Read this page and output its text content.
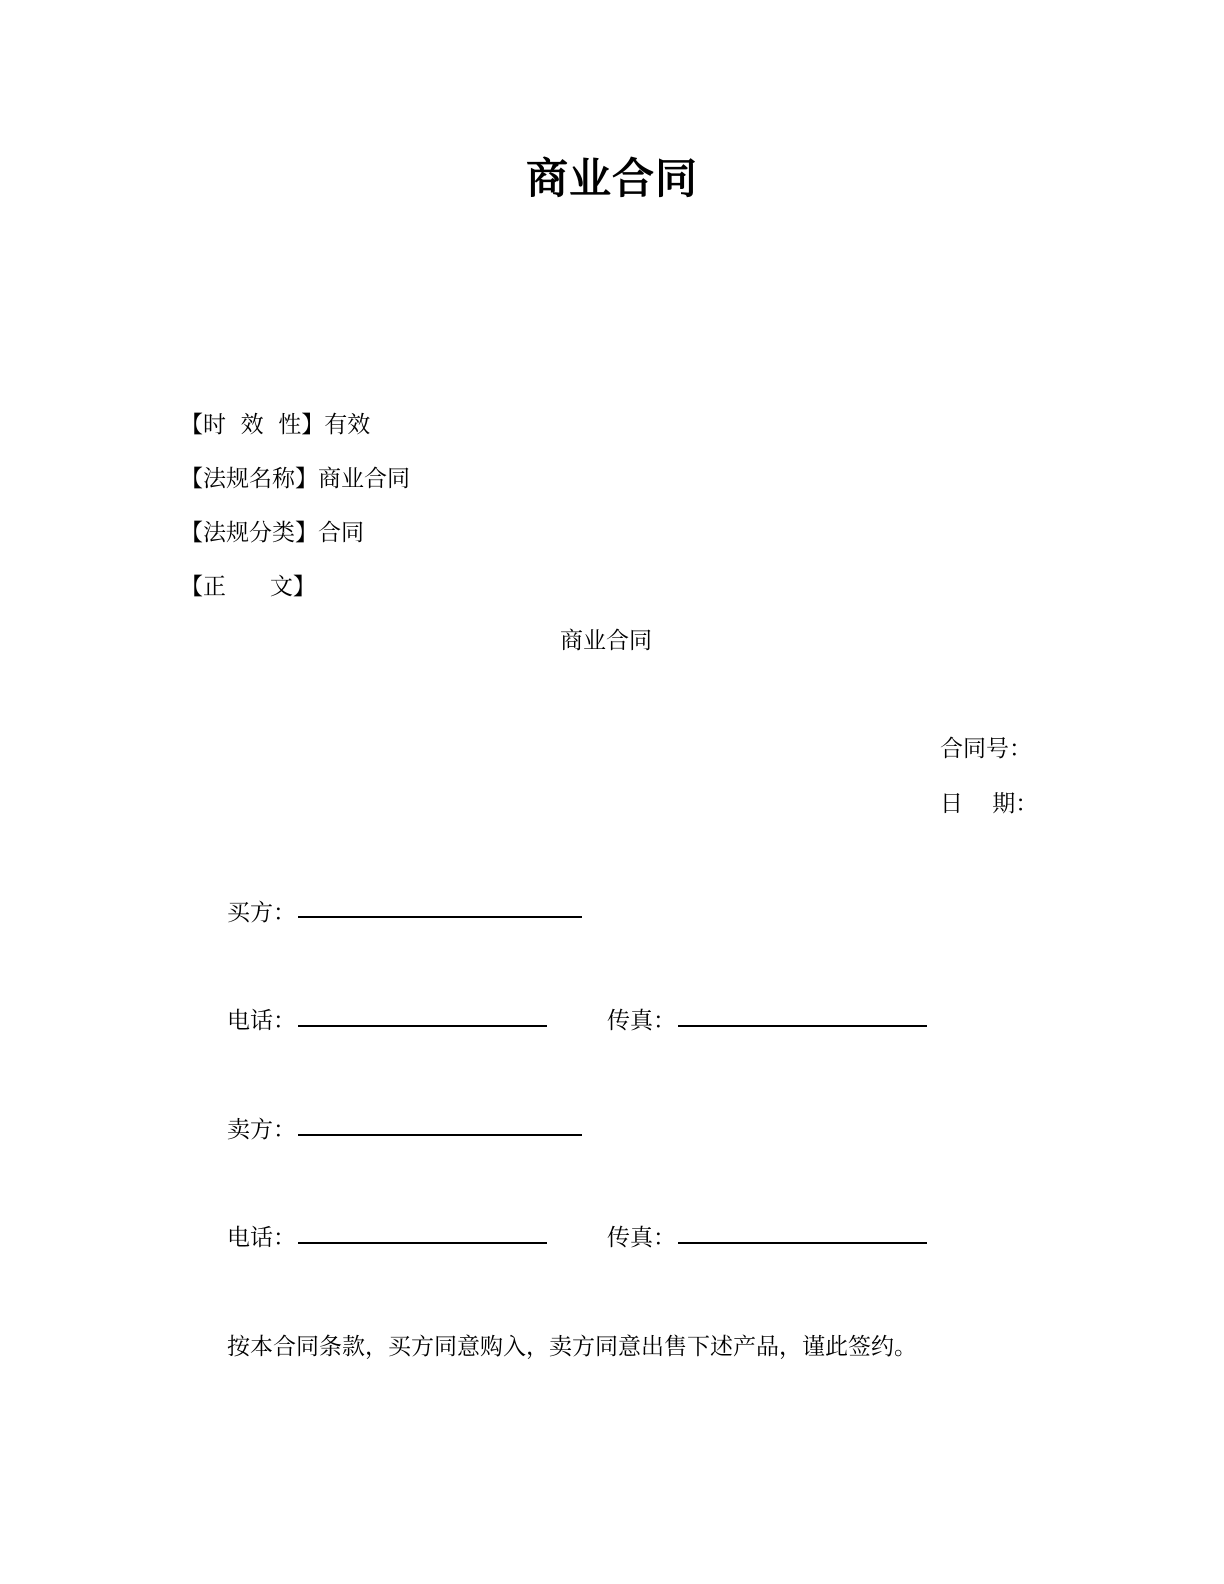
商业合同
【时  效  性】有效
【法规名称】商业合同
【法规分类】合同
【正      文】
商业合同
合同号：
日    期：
买方：
电话：	传真：
卖方：
电话：	传真：
按本合同条款，买方同意购入，卖方同意出售下述产品，谨此签约。
